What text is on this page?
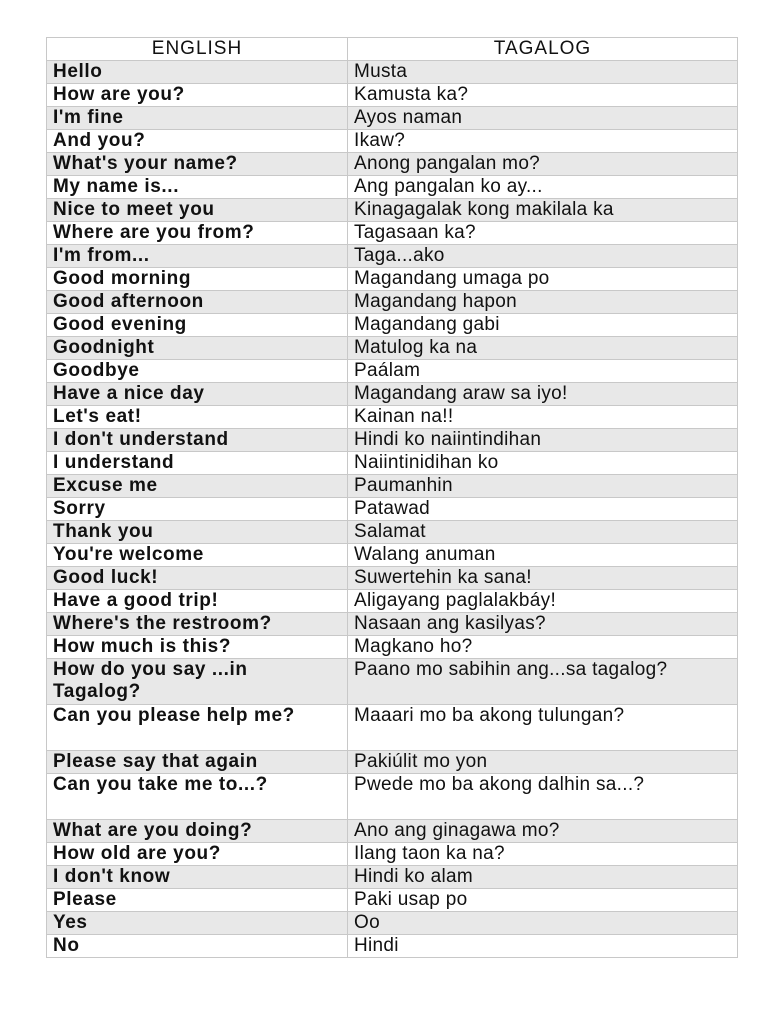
ENGLISH	TAGALOG
Hello	Musta
How are you?	Kamusta ka?
I'm fine	Ayos naman
And you?	Ikaw?
What's your name?	Anong pangalan mo?
My name is...	Ang pangalan ko ay...
Nice to meet you	Kinagagalak kong makilala ka
Where are you from?	Tagasaan ka?
I'm from...	Taga...ako
Good morning	Magandang umaga po
Good afternoon	Magandang hapon
Good evening	Magandang gabi
Goodnight	Matulog ka na
Goodbye	Paálam
Have a nice day	Magandang araw sa iyo!
Let's eat!	Kainan na!!
I don't understand	Hindi ko naiintindihan
I understand	Naiintinidihan ko
Excuse me	Paumanhin
Sorry	Patawad
Thank you	Salamat
You're welcome	Walang anuman
Good luck!	Suwertehin ka sana!
Have a good trip!	Aligayang paglalakbáy!
Where's the restroom?	Nasaan ang kasilyas?
How much is this?	Magkano ho?
How do you say ...in Tagalog?	Paano mo sabihin ang...sa tagalog?
Can you please help me?	Maaari mo ba akong tulungan?
Please say that again	Pakiúlit mo yon
Can you take me to...?	Pwede mo ba akong dalhin sa...?
What are you doing?	Ano ang ginagawa mo?
How old are you?	Ilang taon ka na?
I don't know	Hindi ko alam
Please	Paki usap po
Yes	Oo
No	Hindi
